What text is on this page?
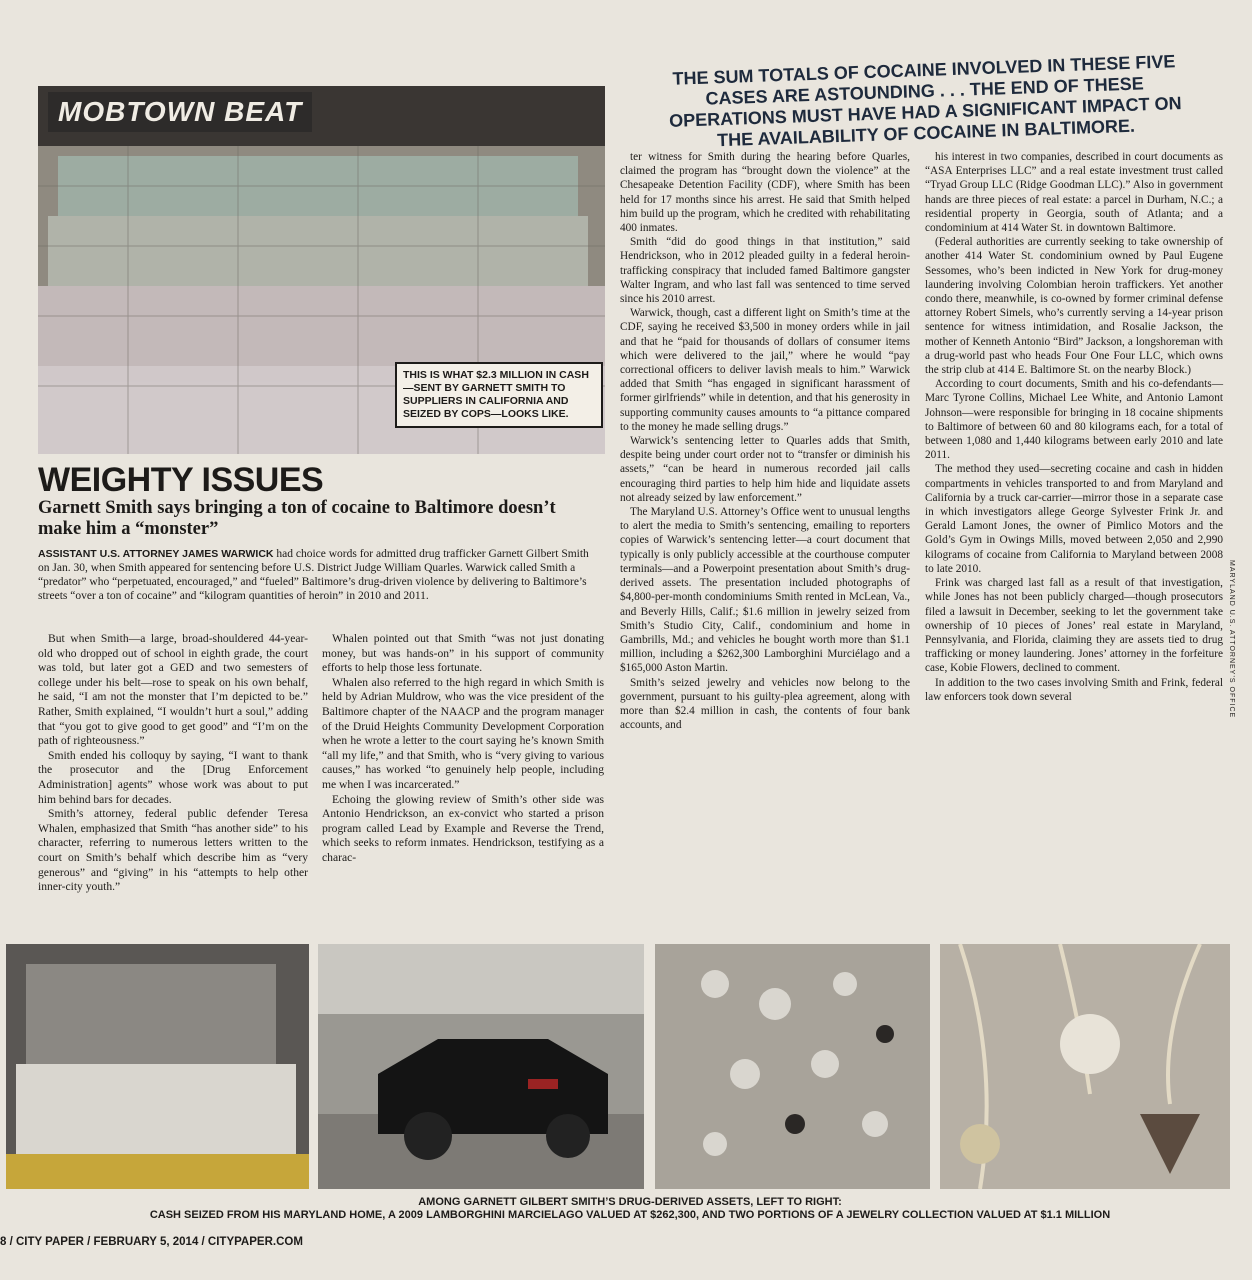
MOBTOWN BEAT
THIS IS WHAT $2.3 MILLION IN CASH—SENT BY GARNETT SMITH TO SUPPLIERS IN CALIFORNIA AND SEIZED BY COPS—LOOKS LIKE.
THE SUM TOTALS OF COCAINE INVOLVED IN THESE FIVE CASES ARE ASTOUNDING . . . THE END OF THESE OPERATIONS MUST HAVE HAD A SIGNIFICANT IMPACT ON THE AVAILABILITY OF COCAINE IN BALTIMORE.
WEIGHTY ISSUES
Garnett Smith says bringing a ton of cocaine to Baltimore doesn’t make him a “monster”
ASSISTANT U.S. ATTORNEY JAMES WARWICK had choice words for admitted drug trafficker Garnett Gilbert Smith on Jan. 30, when Smith appeared for sentencing before U.S. District Judge William Quarles. Warwick called Smith a “predator” who “perpetuated, encouraged,” and “fueled” Baltimore’s drug-driven violence by delivering to Baltimore’s streets “over a ton of cocaine” and “kilogram quantities of heroin” in 2010 and 2011.

But when Smith—a large, broad-shouldered 44-year-old who dropped out of school in eighth grade, the court was told, but later got a GED and two semesters of college under his belt—rose to speak on his own behalf, he said, “I am not the monster that I’m depicted to be.” Rather, Smith explained, “I wouldn’t hurt a soul,” adding that “you got to give good to get good” and “I’m on the path of righteousness.”

Smith ended his colloquy by saying, “I want to thank the prosecutor and the [Drug Enforcement Administration] agents” whose work was about to put him behind bars for decades.

Smith’s attorney, federal public defender Teresa Whalen, emphasized that Smith “has another side” to his character, referring to numerous letters written to the court on Smith’s behalf which describe him as “very generous” and “giving” in his “attempts to help other inner-city youth.”

Whalen pointed out that Smith “was not just donating money, but was hands-on” in his support of community efforts to help those less fortunate.

Whalen also referred to the high regard in which Smith is held by Adrian Muldrow, who was the vice president of the Baltimore chapter of the NAACP and the program manager of the Druid Heights Community Development Corporation when he wrote a letter to the court saying he’s known Smith “all my life,” and that Smith, who is “very giving to various causes,” has worked “to genuinely help people, including me when I was incarcerated.”

Echoing the glowing review of Smith’s other side was Antonio Hendrickson, an ex-convict who started a prison program called Lead by Example and Reverse the Trend, which seeks to reform inmates. Hendrickson, testifying as a charac-

ter witness for Smith during the hearing before Quarles, claimed the program has “brought down the violence” at the Chesapeake Detention Facility (CDF), where Smith has been held for 17 months since his arrest. He said that Smith helped him build up the program, which he credited with rehabilitating 400 inmates.

Smith “did do good things in that institution,” said Hendrickson, who in 2012 pleaded guilty in a federal heroin-trafficking conspiracy that included famed Baltimore gangster Walter Ingram, and who last fall was sentenced to time served since his 2010 arrest.

Warwick, though, cast a different light on Smith’s time at the CDF, saying he received $3,500 in money orders while in jail and that he “paid for thousands of dollars of consumer items which were delivered to the jail,” where he would “pay correctional officers to deliver lavish meals to him.” Warwick added that Smith “has engaged in significant harassment of former girlfriends” while in detention, and that his generosity in supporting community causes amounts to “a pittance compared to the money he made selling drugs.”

Warwick’s sentencing letter to Quarles adds that Smith, despite being under court order not to “transfer or diminish his assets,” “can be heard in numerous recorded jail calls encouraging third parties to help him hide and liquidate assets not already seized by law enforcement.”

The Maryland U.S. Attorney’s Office went to unusual lengths to alert the media to Smith’s sentencing, emailing to reporters copies of Warwick’s sentencing letter—a court document that typically is only publicly accessible at the courthouse computer terminals—and a Powerpoint presentation about Smith’s drug-derived assets. The presentation included photographs of $4,800-per-month condominiums Smith rented in McLean, Va., and Beverly Hills, Calif.; $1.6 million in jewelry seized from Smith’s Studio City, Calif., condominium and home in Gambrills, Md.; and vehicles he bought worth more than $1.1 million, including a $262,300 Lamborghini Murciélago and a $165,000 Aston Martin.

Smith’s seized jewelry and vehicles now belong to the government, pursuant to his guilty-plea agreement, along with more than $2.4 million in cash, the contents of four bank accounts, and

his interest in two companies, described in court documents as “ASA Enterprises LLC” and a real estate investment trust called “Tryad Group LLC (Ridge Goodman LLC).” Also in government hands are three pieces of real estate: a parcel in Durham, N.C.; a residential property in Georgia, south of Atlanta; and a condominium at 414 Water St. in downtown Baltimore.

(Federal authorities are currently seeking to take ownership of another 414 Water St. condominium owned by Paul Eugene Sessomes, who’s been indicted in New York for drug-money laundering involving Colombian heroin traffickers. Yet another condo there, meanwhile, is co-owned by former criminal defense attorney Robert Simels, who’s currently serving a 14-year prison sentence for witness intimidation, and Rosalie Jackson, the mother of Kenneth Antonio “Bird” Jackson, a longshoreman with a drug-world past who heads Four One Four LLC, which owns the strip club at 414 E. Baltimore St. on the nearby Block.)

According to court documents, Smith and his co-defendants—Marc Tyrone Collins, Michael Lee White, and Antonio Lamont Johnson—were responsible for bringing in 18 cocaine shipments to Baltimore of between 60 and 80 kilograms each, for a total of between 1,080 and 1,440 kilograms between early 2010 and late 2011.

The method they used—secreting cocaine and cash in hidden compartments in vehicles transported to and from Maryland and California by a truck car-carrier—mirror those in a separate case in which investigators allege George Sylvester Frink Jr. and Gerald Lamont Jones, the owner of Pimlico Motors and the Gold’s Gym in Owings Mills, moved between 2,050 and 2,990 kilograms of cocaine from California to Maryland between 2008 to late 2010.

Frink was charged last fall as a result of that investigation, while Jones has not been publicly charged—though prosecutors filed a lawsuit in December, seeking to let the government take ownership of 10 pieces of Jones’ real estate in Maryland, Pennsylvania, and Florida, claiming they are assets tied to drug trafficking or money laundering. Jones’ attorney in the forfeiture case, Kobie Flowers, declined to comment.

In addition to the two cases involving Smith and Frink, federal law enforcers took down several	MARYLAND U.S. ATTORNEY’S OFFICE
AMONG GARNETT GILBERT SMITH’S DRUG-DERIVED ASSETS, LEFT TO RIGHT:
CASH SEIZED FROM HIS MARYLAND HOME, A 2009 LAMBORGHINI MARCIELAGO VALUED AT $262,300, AND TWO PORTIONS OF A JEWELRY COLLECTION VALUED AT $1.1 MILLION
8 / CITY PAPER / FEBRUARY 5, 2014 / CITYPAPER.COM
